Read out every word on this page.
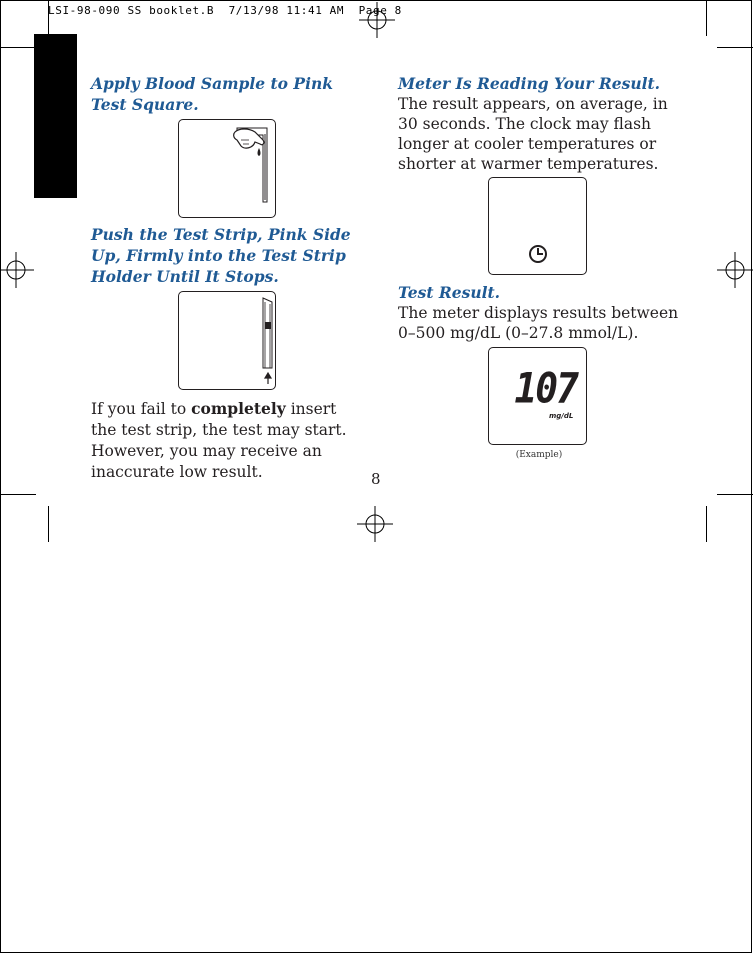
LSI-98-090 SS booklet.B  7/13/98 11:41 AM  Page 8
Apply Blood Sample to Pink Test Square.
Push the Test Strip, Pink Side Up, Firmly into the Test Strip Holder Until It Stops.
If you fail to completely insert
the test strip, the test may start.
However, you may receive an
inaccurate low result.
Meter Is Reading Your Result.
The result appears, on average, in
30 seconds. The clock may flash
longer at cooler temperatures or
shorter at warmer temperatures.
Test Result.
The meter displays results between
0–500 mg/dL (0–27.8 mmol/L).
107
mg/dL
(Example)
8
